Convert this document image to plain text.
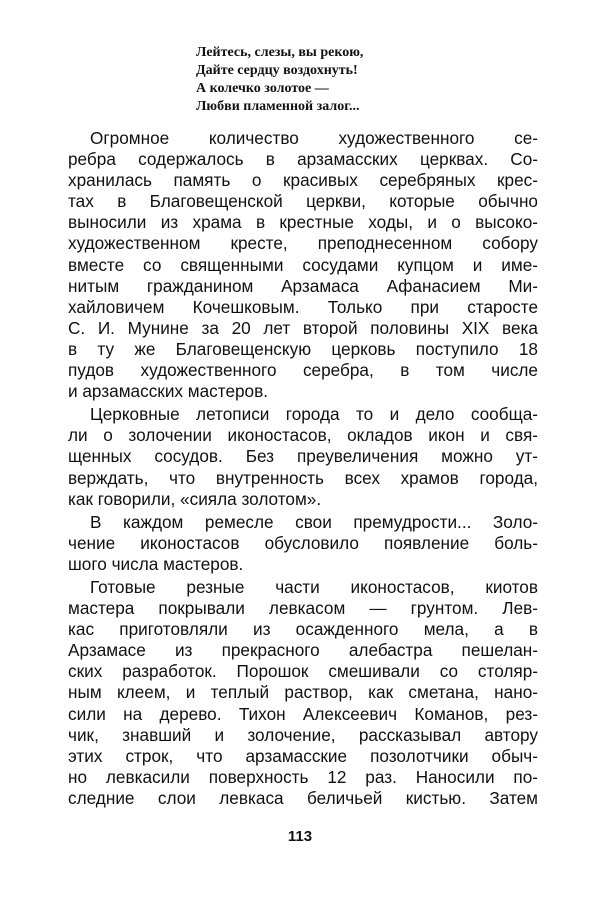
Лейтесь, слезы, вы рекою,
Дайте сердцу воздохнуть!
А колечко золотое —
Любви пламенной залог...
Огромное количество художественного се-
ребра содержалось в арзамасских церквах. Со-
хранилась память о красивых серебряных крес-
тах в Благовещенской церкви, которые обычно
выносили из храма в крестные ходы, и о высоко-
художественном кресте, преподнесенном собору
вместе со священными сосудами купцом и име-
нитым гражданином Арзамаса Афанасием Ми-
хайловичем Кочешковым. Только при старосте
С. И. Мунине за 20 лет второй половины XIX века
в ту же Благовещенскую церковь поступило 18
пудов художественного серебра, в том числе
и арзамасских мастеров.
Церковные летописи города то и дело сообща-
ли о золочении иконостасов, окладов икон и свя-
щенных сосудов. Без преувеличения можно ут-
верждать, что внутренность всех храмов города,
как говорили, «сияла золотом».
В каждом ремесле свои премудрости... Золо-
чение иконостасов обусловило появление боль-
шого числа мастеров.
Готовые резные части иконостасов, киотов
мастера покрывали левкасом — грунтом. Лев-
кас приготовляли из осажденного мела, а в
Арзамасе из прекрасного алебастра пешелан-
ских разработок. Порошок смешивали со столяр-
ным клеем, и теплый раствор, как сметана, нано-
сили на дерево. Тихон Алексеевич Команов, рез-
чик, знавший и золочение, рассказывал автору
этих строк, что арзамасские позолотчики обыч-
но левкасили поверхность 12 раз. Наносили по-
следние слои левкаса беличьей кистью. Затем
113
